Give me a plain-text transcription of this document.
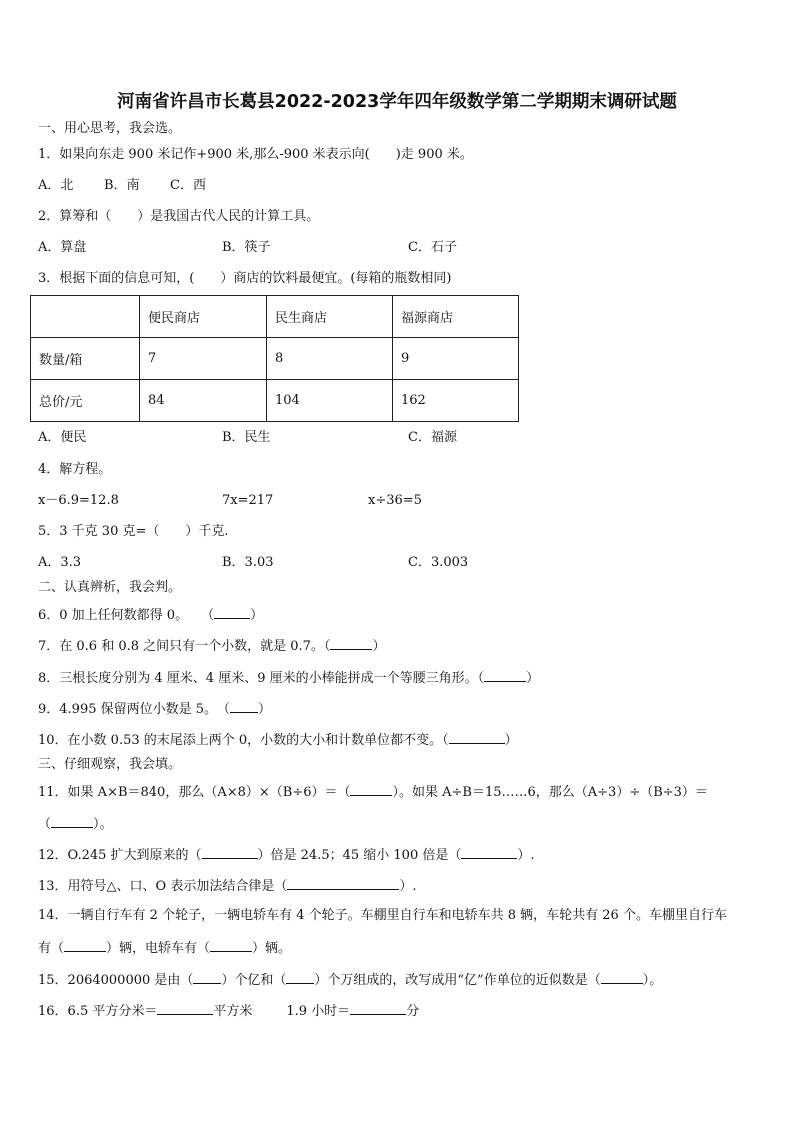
河南省许昌市长葛县2022-2023学年四年级数学第二学期期末调研试题
一、用心思考，我会选。
1．如果向东走 900 米记作+900 米,那么-900 米表示向(　　)走 900 米。
A．北 B．南 C．西
2．算筹和（　　）是我国古代人民的计算工具。
A．算盘	B．筷子	C．石子
3．根据下面的信息可知，(　　）商店的饮料最便宜。(每箱的瓶数相同)
	便民商店	民生商店	福源商店
数量/箱	7	8	9
总价/元	84	104	162
A．便民	B．民生	C．福源
4．解方程。
x－6.9=12.8	7x=217	x÷36=5
5．3 千克 30 克=（　　）千克.
A．3.3	B．3.03	C．3.003
二、认真辨析，我会判。
6．0 加上任何数都得 0。　　（	）
7．在 0.6 和 0.8 之间只有一个小数，就是 0.7。（	）
8．三根长度分别为 4 厘米、4 厘米、9 厘米的小棒能拼成一个等腰三角形。（	）
9．4.995 保留两位小数是 5。　（ ）
10．在小数 0.53 的末尾添上两个 0，小数的大小和计数单位都不变。（	）
三、仔细观察，我会填。
11．如果 A×B＝840，那么（A×8）×（B÷6）＝（	）。如果 A÷B＝15……6，那么（A÷3）÷（B÷3）＝
（	）。
12．O.245 扩大到原来的（	）倍是 24.5；45 缩小 100 倍是（	）.
13．用符号△、口、O 表示加法结合律是（	）.
14．一辆自行车有 2 个轮子，一辆电轿车有 4 个轮子。车棚里自行车和电轿车共 8 辆，车轮共有 26 个。车棚里自行车
有（	）辆，电轿车有（	）辆。
15．2064000000 是由（ ）个亿和（ ）个万组成的，改写成用“亿”作单位的近似数是（	）。
16．6.5 平方分米＝	平方米	1.9 小时＝	分
